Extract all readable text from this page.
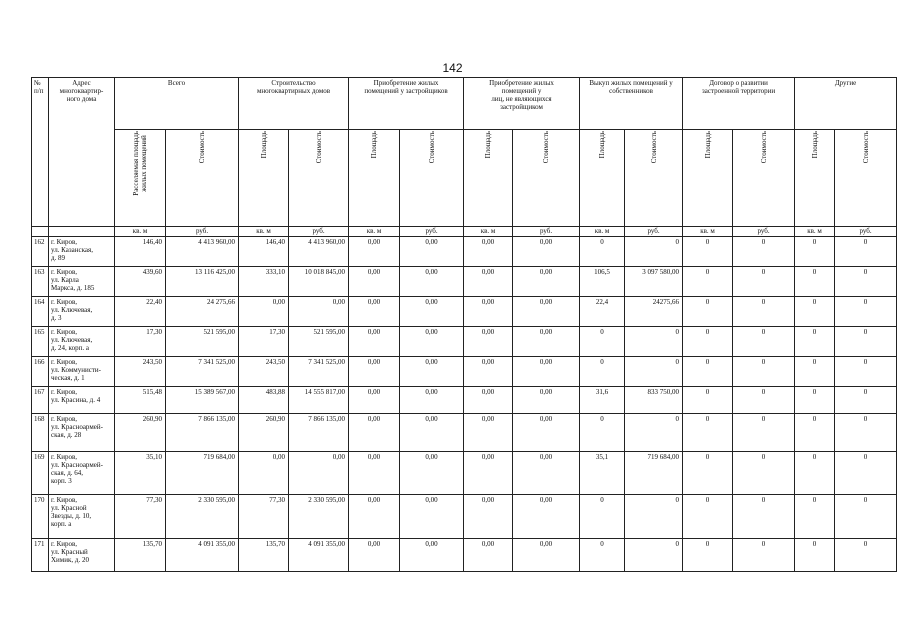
142
№
п/п	Адрес
многоквартир-
ного дома	Всего		Строительство
многоквартирных домов		Приобретение жилых
помещений у застройщиков		Приобретение жилых
помещений у
лиц, не являющихся
застройщиком		Выкуп жилых помещений у
собственников		Договор о развитии
застроенной территории		Другие	
		Расселяемая площадь
жилых помещений	Стоимость	Площадь	Стоимость	Площадь	Стоимость	Площадь	Стоимость	Площадь	Стоимость	Площадь	Стоимость	Площадь	Стоимость
		кв. м	руб.	кв. м	руб.	кв. м	руб.	кв. м	руб.	кв. м	руб.	кв. м	руб.	кв. м	руб.
162	г. Киров,
ул. Казанская,
д. 89	146,40	4 413 960,00	146,40	4 413 960,00	0,00	0,00	0,00	0,00	0	0	0	0	0	0
163	г. Киров,
ул. Карла
Маркса, д. 185	439,60	13 116 425,00	333,10	10 018 845,00	0,00	0,00	0,00	0,00	106,5	3 097 580,00	0	0	0	0
164	г. Киров,
ул. Ключевая,
д. 3	22,40	24 275,66	0,00	0,00	0,00	0,00	0,00	0,00	22,4	24275,66	0	0	0	0
165	г. Киров,
ул. Ключевая,
д. 24, корп. а	17,30	521 595,00	17,30	521 595,00	0,00	0,00	0,00	0,00	0	0	0	0	0	0
166	г. Киров,
ул. Коммунисти-
ческая, д. 1	243,50	7 341 525,00	243,50	7 341 525,00	0,00	0,00	0,00	0,00	0	0	0	0	0	0
167	г. Киров,
ул. Красина, д. 4	515,48	15 389 567,00	483,88	14 555 817,00	0,00	0,00	0,00	0,00	31,6	833 750,00	0	0	0	0
168	г. Киров,
ул. Красноармей-
ская, д. 28	260,90	7 866 135,00	260,90	7 866 135,00	0,00	0,00	0,00	0,00	0	0	0	0	0	0
169	г. Киров,
ул. Красноармей-
ская, д. 64,
корп. 3	35,10	719 684,00	0,00	0,00	0,00	0,00	0,00	0,00	35,1	719 684,00	0	0	0	0
170	г. Киров,
ул. Красной
Звезды, д. 10,
корп. а	77,30	2 330 595,00	77,30	2 330 595,00	0,00	0,00	0,00	0,00	0	0	0	0	0	0
171	г. Киров,
ул. Красный
Химик, д. 20	135,70	4 091 355,00	135,70	4 091 355,00	0,00	0,00	0,00	0,00	0	0	0	0	0	0
